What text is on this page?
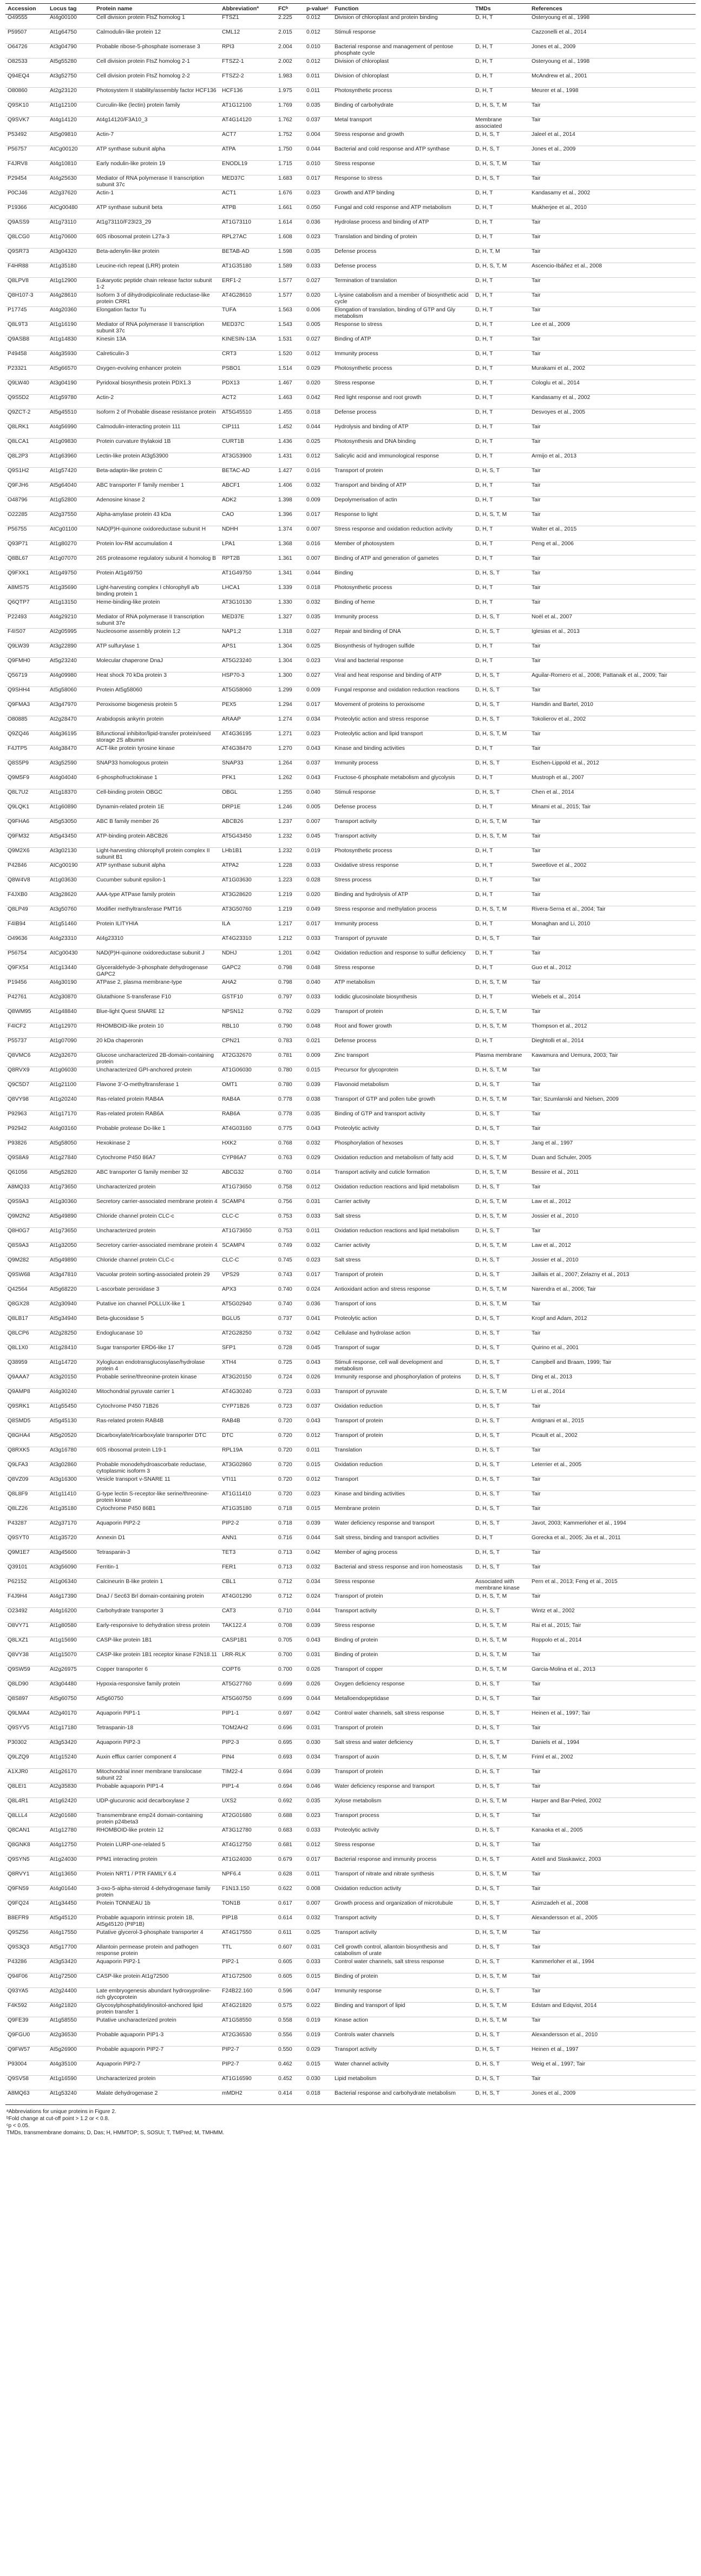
Accession	Locus tag	Protein name	Abbreviationª	FCᵇ	p-valueᶜ	Function	TMDs	References
O49555	At4g00100	Cell division protein FtsZ homolog 1	FTSZ1	2.225	0.012	Division of chloroplast and protein binding	D, H, T	Osteryoung et al., 1998
P59507	At1g64750	Calmodulin-like protein 12	CML12	2.015	0.012	Stimuli response		Cazzonelli et al., 2014
O64726	At3g04790	Probable ribose-5-phosphate isomerase 3	RPI3	2.004	0.010	Bacterial response and management of pentose phosphate cycle	D, H, T	Jones et al., 2009
O82533	At5g55280	Cell division protein FtsZ homolog 2-1	FTSZ2-1	2.002	0.012	Division of chloroplast	D, H, T	Osteryoung et al., 1998
Q94EQ4	At3g52750	Cell division protein FtsZ homolog 2-2	FTSZ2-2	1.983	0.011	Division of chloroplast	D, H, T	McAndrew et al., 2001
O80860	At2g23120	Photosystem II stability/assembly factor HCF136	HCF136	1.975	0.011	Photosynthetic process	D, H, T	Meurer et al., 1998
Q9SK10	At1g12100	Curculin-like (lectin) protein family	AT1G12100	1.769	0.035	Binding of carbohydrate	D, H, S, T, M	Tair
Q9SVK7	At4g14120	At4g14120/F3A10_3	AT4G14120	1.762	0.037	Metal transport	Membrane associated	Tair
P53492	At5g09810	Actin-7	ACT7	1.752	0.004	Stress response and growth	D, H, S, T	Jaleel et al., 2014
P56757	AtCg00120	ATP synthase subunit alpha	ATPA	1.750	0.044	Bacterial and cold response and ATP synthase	D, H, S, T	Jones et al., 2009
F4JRV8	At4g10810	Early nodulin-like protein 19	ENODL19	1.715	0.010	Stress response	D, H, S, T, M	Tair
P29454	At4g25630	Mediator of RNA polymerase II transcription subunit 37c	MED37C	1.683	0.017	Response to stress	D, H, S, T	Tair
P0CJ46	At2g37620	Actin-1	ACT1	1.676	0.023	Growth and ATP binding	D, H, T	Kandasamy et al., 2002
P19366	AtCg00480	ATP synthase subunit beta	ATPB	1.661	0.050	Fungal and cold response and ATP metabolism	D, H, T	Mukherjee et al., 2010
Q9ASS9	At1g73110	At1g73110/F23I23_29	AT1G73110	1.614	0.036	Hydrolase process and binding of ATP	D, H, T	Tair
Q8LCG0	At1g70600	60S ribosomal protein L27a-3	RPL27AC	1.608	0.023	Translation and binding of protein	D, H, T	Tair
Q9SR73	At3g04320	Beta-adenylin-like protein	BETAB-AD	1.598	0.035	Defense process	D, H, T, M	Tair
F4HR88	At1g35180	Leucine-rich repeat (LRR) protein	AT1G35180	1.589	0.033	Defense process	D, H, S, T, M	Ascencio-Ibáñez et al., 2008
Q8LPV8	At1g12900	Eukaryotic peptide chain release factor subunit 1-2	ERF1-2	1.577	0.027	Termination of translation	D, H, T	Tair
Q8H107-3	At4g28610	Isoform 3 of dihydrodipicolinate reductase-like protein CRR1	AT4G28610	1.577	0.020	L-lysine catabolism and a member of biosynthetic acid cycle	D, H, T	Tair
P17745	At4g20360	Elongation factor Tu	TUFA	1.563	0.006	Elongation of translation, binding of GTP and Gly metabolism	D, H, T	Tair
Q8L9T3	At1g16190	Mediator of RNA polymerase II transcription subunit 37c	MED37C	1.543	0.005	Response to stress	D, H, T	Lee et al., 2009
Q9ASB8	At1g14830	Kinesin 13A	KINESIN-13A	1.531	0.027	Binding of ATP	D, H, T	Tair
P49458	At4g35930	Calreticulin-3	CRT3	1.520	0.012	Immunity process	D, H, T	Tair
P23321	At5g66570	Oxygen-evolving enhancer protein	PSBO1	1.514	0.029	Photosynthetic process	D, H, T	Murakami et al., 2002
Q9LW40	At3g04190	Pyridoxal biosynthesis protein PDX1.3	PDX13	1.467	0.020	Stress response	D, H, T	Cologlu et al., 2014
Q9S5D2	At1g59780	Actin-2	ACT2	1.463	0.042	Red light response and root growth	D, H, T	Kandasamy et al., 2002
Q9ZCT-2	At5g45510	Isoform 2 of Probable disease resistance protein	AT5G45510	1.455	0.018	Defense process	D, H, T	Desvoyes et al., 2005
Q8LRK1	At4g56990	Calmodulin-interacting protein 111	CIP111	1.452	0.044	Hydrolysis and binding of ATP	D, H, T	Tair
Q8LCA1	At1g09830	Protein curvature thylakoid 1B	CURT1B	1.436	0.025	Photosynthesis and DNA binding	D, H, T	Tair
Q8L2P3	At1g63960	Lectin-like protein At3g53900	AT3G53900	1.431	0.012	Salicylic acid and immunological response	D, H, T	Armijo et al., 2013
Q9S1H2	At1g57420	Beta-adaptin-like protein C	BETAC-AD	1.427	0.016	Transport of protein	D, H, S, T	Tair
Q9FJH6	At5g64040	ABC transporter F family member 1	ABCF1	1.406	0.032	Transport and binding of ATP	D, H, T	Tair
O48796	At1g52800	Adenosine kinase 2	ADK2	1.398	0.009	Depolymerisation of actin	D, H, T	Tair
O22285	At2g37550	Alpha-amylase protein 43 kDa	CAO	1.396	0.017	Response to light	D, H, S, T, M	Tair
P56755	AtCg01100	NAD(P)H-quinone oxidoreductase subunit H	NDHH	1.374	0.007	Stress response and oxidation reduction activity	D, H, T	Walter et al., 2015
Q93P71	At1g80270	Protein lov-RM accumulation 4	LPA1	1.368	0.016	Member of photosystem	D, H, T	Peng et al., 2006
Q8BL67	At1g07070	26S proteasome regulatory subunit 4 homolog B	RPT2B	1.361	0.007	Binding of ATP and generation of gametes	D, H, T	Tair
Q9FXK1	At1g49750	Protein At1g49750	AT1G49750	1.341	0.044	Binding	D, H, S, T	Tair
A8MS75	At1g35690	Light-harvesting complex I chlorophyll a/b binding protein 1	LHCA1	1.339	0.018	Photosynthetic process	D, H, T	Tair
Q6QTP7	At1g13150	Heme-binding-like protein	AT3G10130	1.330	0.032	Binding of heme	D, H, T	Tair
P22493	At4g29210	Mediator of RNA polymerase II transcription subunit 37e	MED37E	1.327	0.035	Immunity process	D, H, S, T	Noël et al., 2007
F4IS07	At2g05995	Nucleosome assembly protein 1;2	NAP1;2	1.318	0.027	Repair and binding of DNA	D, H, S, T	Iglesias et al., 2013
Q9LW39	At3g22890	ATP sulfurylase 1	APS1	1.304	0.025	Biosynthesis of hydrogen sulfide	D, H, T	Tair
Q9FMH0	At5g23240	Molecular chaperone DnaJ	AT5G23240	1.304	0.023	Viral and bacterial response	D, H, T	Tair
Q56719	At4g09980	Heat shock 70 kDa protein 3	HSP70-3	1.300	0.027	Viral and heat response and binding of ATP	D, H, S, T	Aguilar-Romero et al., 2008; Pattanaik et al., 2009; Tair
Q9SHH4	At5g58060	Protein At5g58060	AT5G58060	1.299	0.009	Fungal response and oxidation reduction reactions	D, H, S, T	Tair
Q9FMA3	At3g47970	Peroxisome biogenesis protein 5	PEX5	1.294	0.017	Movement of proteins to peroxisome	D, H, S, T	Hamdin and Bartel, 2010
O80885	At2g28470	Arabidopsis ankyrin protein	ARAAP	1.274	0.034	Proteolytic action and stress response	D, H, S, T	Tokolierov et al., 2002
Q9ZQ46	At4g36195	Bifunctional inhibitor/lipid-transfer protein/seed storage 2S albumin	AT4G36195	1.271	0.023	Proteolytic action and lipid transport	D, H, S, T, M	Tair
F4JTP5	At4g38470	ACT-like protein tyrosine kinase	AT4G38470	1.270	0.043	Kinase and binding activities	D, H, T	Tair
Q8S5P9	At3g52590	SNAP33 homologous protein	SNAP33	1.264	0.037	Immunity process	D, H, S, T	Eschen-Lippold et al., 2012
Q9M5F9	At4g04040	6-phosphofructokinase 1	PFK1	1.262	0.043	Fructose-6 phosphate metabolism and glycolysis	D, H, T	Mustroph et al., 2007
Q8L7U2	At1g18370	Cell-binding protein OBGC	OBGL	1.255	0.040	Stimuli response	D, H, S, T	Chen et al., 2014
Q9LQK1	At1g60890	Dynamin-related protein 1E	DRP1E	1.246	0.005	Defense process	D, H, T	Minami et al., 2015; Tair
Q9FHA6	At5g53050	ABC B family member 26	ABCB26	1.237	0.007	Transport activity	D, H, S, T, M	Tair
Q9FM32	At5g43450	ATP-binding protein ABCB26	AT5G43450	1.232	0.045	Transport activity	D, H, S, T, M	Tair
Q9M2X6	At3g02130	Light-harvesting chlorophyll protein complex II subunit B1	LHb1B1	1.232	0.019	Photosynthetic process	D, H, T	Tair
P42846	AtCg00190	ATP synthase subunit alpha	ATPA2	1.228	0.033	Oxidative stress response	D, H, T	Sweetlove et al., 2002
Q8W4V8	At1g03630	Cucumber subunit epsilon-1	AT1G03630	1.223	0.028	Stress process	D, H, T	Tair
F4JXB0	At3g28620	AAA-type ATPase family protein	AT3G28620	1.219	0.020	Binding and hydrolysis of ATP	D, H, T	Tair
Q8LP49	At3g50760	Modifier methyltransferase PMT16	AT3G50760	1.219	0.049	Stress response and methylation process	D, H, S, T, M	Rivera-Serna et al., 2004; Tair
F4IB94	At1g51460	Protein ILITYHIA	ILA	1.217	0.017	Immunity process	D, H, T	Monaghan and Li, 2010
O49636	At4g23310	At4g23310	AT4G23310	1.212	0.033	Transport of pyruvate	D, H, S, T	Tair
P56754	AtCg00430	NAD(P)H-quinone oxidoreductase subunit J	NDHJ	1.201	0.042	Oxidation reduction and response to sulfur deficiency	D, H, T	Tair
Q9FX54	At1g13440	Glyceraldehyde-3-phosphate dehydrogenase GAPC2	GAPC2	0.798	0.048	Stress response	D, H, T	Guo et al., 2012
P19456	At4g30190	ATPase 2, plasma membrane-type	AHA2	0.798	0.040	ATP metabolism	D, H, S, T, M	Tair
P42761	At2g30870	Glutathione S-transferase F10	GSTF10	0.797	0.033	Iodidic glucosinolate biosynthesis	D, H, T	Wiebels et al., 2014
Q8WM95	At1g48840	Blue-light Quest SNARE 12	NPSN12	0.792	0.029	Transport of protein	D, H, S, T, M	Tair
F4ICF2	At1g12970	RHOMBOID-like protein 10	RBL10	0.790	0.048	Root and flower growth	D, H, S, T, M	Thompson et al., 2012
P55737	At1g07090	20 kDa chaperonin	CPN21	0.783	0.021	Defense process	D, H, T	Dieghtolli et al., 2014
Q8VMC6	At2g32670	Glucose uncharacterized 2B-domain-containing protein	AT2G32670	0.781	0.009	Zinc transport	Plasma membrane	Kawamura and Uemura, 2003; Tair
Q8RVX9	At1g06030	Uncharacterized GPI-anchored protein	AT1G06030	0.780	0.015	Precursor for glycoprotein	D, H, S, T, M	Tair
Q9C5D7	At1g21100	Flavone 3'-O-methyltransferase 1	OMT1	0.780	0.039	Flavonoid metabolism	D, H, S, T	Tair
Q8VY98	At1g20240	Ras-related protein RAB4A	RAB4A	0.778	0.038	Transport of GTP and pollen tube growth	D, H, S, T, M	Tair; Szumlanski and Nielsen, 2009
P92963	At1g17170	Ras-related protein RAB6A	RAB6A	0.778	0.035	Binding of GTP and transport activity	D, H, S, T	Tair
P92942	At4g03160	Probable protease Do-like 1	AT4G03160	0.775	0.043	Proteolytic activity	D, H, S, T	Tair
P93826	At5g58050	Hexokinase 2	HXK2	0.768	0.032	Phosphorylation of hexoses	D, H, S, T	Jang et al., 1997
Q9S8A9	At1g27840	Cytochrome P450 86A7	CYP86A7	0.763	0.029	Oxidation reduction and metabolism of fatty acid	D, H, S, T, M	Duan and Schuler, 2005
Q61056	At5g52820	ABC transporter G family member 32	ABCG32	0.760	0.014	Transport activity and cuticle formation	D, H, S, T, M	Bessire et al., 2011
A8MQ33	At1g73650	Uncharacterized protein	AT1G73650	0.758	0.012	Oxidation reduction reactions and lipid metabolism	D, H, S, T	Tair
Q9S9A3	At1g30360	Secretory carrier-associated membrane protein 4	SCAMP4	0.756	0.031	Carrier activity	D, H, S, T, M	Law et al., 2012
Q9M2N2	At5g49890	Chloride channel protein CLC-c	CLC-C	0.753	0.033	Salt stress	D, H, S, T, M	Jossier et al., 2010
Q8H0G7	At1g73650	Uncharacterized protein	AT1G73650	0.753	0.011	Oxidation reduction reactions and lipid metabolism	D, H, S, T	Tair
Q8S9A3	At1g32050	Secretory carrier-associated membrane protein 4	SCAMP4	0.749	0.032	Carrier activity	D, H, S, T, M	Law et al., 2012
Q9M282	At5g49890	Chloride channel protein CLC-c	CLC-C	0.745	0.023	Salt stress	D, H, S, T	Jossier et al., 2010
Q9SW68	At3g47810	Vacuolar protein sorting-associated protein 29	VPS29	0.743	0.017	Transport of protein	D, H, S, T	Jaillais et al., 2007; Zelazny et al., 2013
Q42564	At5g68220	L-ascorbate peroxidase 3	APX3	0.740	0.024	Antioxidant action and stress response	D, H, S, T, M	Narendra et al., 2006; Tair
Q8GX28	At2g30940	Putative ion channel POLLUX-like 1	AT5G02940	0.740	0.036	Transport of ions	D, H, S, T, M	Tair
Q8LB17	At5g34940	Beta-glucosidase 5	BGLU5	0.737	0.041	Proteolytic action	D, H, S, T	Kropf and Adam, 2012
Q8LCP6	At2g28250	Endoglucanase 10	AT2G28250	0.732	0.042	Cellulase and hydrolase action	D, H, S, T	Tair
Q8L1X0	At1g28410	Sugar transporter ERD6-like 17	SFP1	0.728	0.045	Transport of sugar	D, H, S, T	Quirino et al., 2001
Q38959	At1g14720	Xyloglucan endotransglucosylase/hydrolase protein 4	XTH4	0.725	0.043	Stimuli response, cell wall development and metabolism	D, H, S, T	Campbell and Braam, 1999; Tair
Q9AAA7	At3g20150	Probable serine/threonine-protein kinase	AT3G20150	0.724	0.026	Immunity response and phosphorylation of proteins	D, H, S, T	Ding et al., 2013
Q9AMP8	At4g30240	Mitochondrial pyruvate carrier 1	AT4G30240	0.723	0.033	Transport of pyruvate	D, H, S, T, M	Li et al., 2014
Q9SRK1	At1g55450	Cytochrome P450 71B26	CYP71B26	0.723	0.037	Oxidation reduction	D, H, S, T	Tair
Q8SMD5	At5g45130	Ras-related protein RAB4B	RAB4B	0.720	0.043	Transport of protein	D, H, S, T	Antignani et al., 2015
Q8GHA4	At5g20520	Dicarboxylate/tricarboxylate transporter DTC	DTC	0.720	0.012	Transport of protein	D, H, S, T	Picault et al., 2002
Q8RXK5	At3g16780	60S ribosomal protein L19-1	RPL19A	0.720	0.011	Translation	D, H, S, T	Tair
Q9LFA3	At3g02860	Probable monodehydroascorbate reductase, cytoplasmic isoform 3	AT3G02860	0.720	0.015	Oxidation reduction	D, H, S, T	Leterrier et al., 2005
Q8VZ09	At3g16300	Vesicle transport v-SNARE 11	VTI11	0.720	0.012	Transport	D, H, S, T	Tair
Q8L8F9	At1g11410	G-type lectin S-receptor-like serine/threonine-protein kinase	AT1G11410	0.720	0.023	Kinase and binding activities	D, H, S, T	Tair
Q8LZ26	At1g35180	Cytochrome P450 86B1	AT1G35180	0.718	0.015	Membrane protein	D, H, S, T	Tair
P43287	At2g37170	Aquaporin PIP2-2	PIP2-2	0.718	0.039	Water deficiency response and transport	D, H, S, T	Javot, 2003; Kammerloher et al., 1994
Q9SYT0	At1g35720	Annexin D1	ANN1	0.716	0.044	Salt stress, binding and transport activities	D, H, T	Gorecka et al., 2005; Jia et al., 2011
Q9M1E7	At3g45600	Tetraspanin-3	TET3	0.713	0.042	Member of aging process	D, H, S, T	Tair
Q39101	At3g56090	Ferritin-1	FER1	0.713	0.032	Bacterial and stress response and iron homeostasis	D, H, S, T	Tair
P62152	At1g06340	Calcineurin B-like protein 1	CBL1	0.712	0.034	Stress response	Associated with membrane kinase	Pern et al., 2013; Feng et al., 2015
F4J9H4	At4g17390	DnaJ / Sec63 Brl domain-containing protein	AT4G01290	0.712	0.024	Transport of protein	D, H, S, T, M	Tair
O23492	At4g16200	Carbohydrate transporter 3	CAT3	0.710	0.044	Transport activity	D, H, S, T	Wintz et al., 2002
O8VY71	At1g80580	Early-responsive to dehydration stress protein	TAK122.4	0.708	0.039	Stress response	D, H, S, T, M	Rai et al., 2015; Tair
Q8LXZ1	At1g15690	CASP-like protein 1B1	CASP1B1	0.705	0.043	Binding of protein	D, H, S, T, M	Roppolo et al., 2014
Q8VY38	At1g15070	CASP-like protein 1B1 receptor kinase F2N18.11	LRR-RLK	0.700	0.031	Binding of protein	D, H, S, T, M	Tair
Q9SW59	At2g26975	Copper transporter 6	COPT6	0.700	0.026	Transport of copper	D, H, S, T, M	Garcia-Molina et al., 2013
Q8LD90	At3g04480	Hypoxia-responsive family protein	AT5G27760	0.699	0.026	Oxygen deficiency response	D, H, S, T	Tair
Q8S897	At5g60750	At5g60750	AT5G60750	0.699	0.044	Metalloendopeptidase	D, H, S, T	Tair
Q9LMA4	At2g40170	Aquaporin PIP1-1	PIP1-1	0.697	0.042	Control water channels, salt stress response	D, H, S, T	Heinen et al., 1997; Tair
Q9SYV5	At1g17180	Tetraspanin-18	TOM2AH2	0.696	0.031	Transport of protein	D, H, S, T	Tair
P30302	At3g53420	Aquaporin PIP2-3	PIP2-3	0.695	0.030	Salt stress and water deficiency	D, H, S, T	Daniels et al., 1994
Q9LZQ9	At1g15240	Auxin efflux carrier component 4	PIN4	0.693	0.034	Transport of auxin	D, H, S, T, M	Friml et al., 2002
A1XJR0	At1g26170	Mitochondrial inner membrane translocase subunit 22	TIM22-4	0.694	0.039	Transport of protein	D, H, S, T	Tair
Q8LEI1	At2g35830	Probable aquaporin PIP1-4	PIP1-4	0.694	0.046	Water deficiency response and transport	D, H, S, T	Tair
Q8L4R1	At1g62420	UDP-glucuronic acid decarboxylase 2	UXS2	0.692	0.035	Xylose metabolism	D, H, S, T, M	Harper and Bar-Peled, 2002
Q8LLL4	At2g01680	Transmembrane emp24 domain-containing protein p24beta3	AT2G01680	0.688	0.023	Transport process	D, H, S, T	Tair
Q8CAN1	At1g12780	RHOMBOID-like protein 12	AT3G12780	0.683	0.033	Proteolytic activity	D, H, S, T	Kanaoka et al., 2005
Q8GNK8	At4g12750	Protein LURP-one-related 5	AT4G12750	0.681	0.012	Stress response	D, H, S, T	Tair
Q9SYN5	At1g24030	PPM1 interacting protein	AT1G24030	0.679	0.017	Bacterial response and immunity process	D, H, S, T	Axtell and Staskawicz, 2003
Q8RVY1	At1g13650	Protein NRT1 / PTR FAMILY 6.4	NPF6.4	0.628	0.011	Transport of nitrate and nitrate synthesis	D, H, S, T, M	Tair
Q9FN59	At4g01640	3-oxo-5-alpha-steroid 4-dehydrogenase family protein	F1N13.150	0.622	0.008	Oxidation reduction activity	D, H, S, T	Tair
Q9FQ24	At1g34450	Protein TONNEAU 1b	TON1B	0.617	0.007	Growth process and organization of microtubule	D, H, S, T	Azimzadeh et al., 2008
B8EFR9	At5g45120	Probable aquaporin intrinsic protein 1B, At5g45120 (PIP1B)	PIP1B	0.614	0.032	Transport activity	D, H, S, T	Alexandersson et al., 2005
Q9SZ56	At4g17550	Putative glycerol-3-phosphate transporter 4	AT4G17550	0.611	0.025	Transport activity	D, H, S, T, M	Tair
Q9S3Q3	At5g17700	Allantoin permease protein and pathogen response protein	TTL	0.607	0.031	Cell growth control, allantoin biosynthesis and catabolism of urate	D, H, S, T	Tair
P43286	At3g53420	Aquaporin PIP2-1	PIP2-1	0.605	0.033	Control water channels, salt stress response	D, H, S, T	Kammerloher et al., 1994
Q94F06	At1g72500	CASP-like protein At1g72500	AT1G72500	0.605	0.015	Binding of protein	D, H, S, T, M	Tair
Q93YA5	At2g24400	Late embryogenesis abundant hydroxyproline-rich glycoprotein	F24B22.160	0.596	0.047	Immunity response	D, H, S, T	Tair
F4K592	At4g21820	Glycosylphosphatidylinositol-anchored lipid protein transfer 1	AT4G21820	0.575	0.022	Binding and transport of lipid	D, H, S, T, M	Edstam and Edqvist, 2014
Q9FE39	At1g58550	Putative uncharacterized protein	AT1G58550	0.558	0.019	Kinase action	D, H, S, T, M	Tair
Q9FGU0	At2g36530	Probable aquaporin PIP1-3	AT2G36530	0.556	0.019	Controls water channels	D, H, S, T	Alexandersson et al., 2010
Q9FW57	At5g26900	Probable aquaporin PIP2-7	PIP2-7	0.550	0.029	Transport activity	D, H, S, T	Heinen et al., 1997
P93004	At4g35100	Aquaporin PIP2-7	PIP2-7	0.462	0.015	Water channel activity	D, H, S, T	Weig et al., 1997; Tair
Q9SV58	At1g16590	Uncharacterized protein	AT1G16590	0.452	0.030	Lipid metabolism	D, H, S, T	Tair
A8MQ63	At1g53240	Malate dehydrogenase 2	mMDH2	0.414	0.018	Bacterial response and carbohydrate metabolism	D, H, S, T	Jones et al., 2009
ᵃAbbreviations for unique proteins in Figure 2.
ᵇFold change at cut-off point > 1.2 or < 0.8.
ᶜp < 0.05.
TMDs, transmembrane domains; D, Das; H, HMMTOP; S, SOSUI; T, TMPred; M, TMHMM.
